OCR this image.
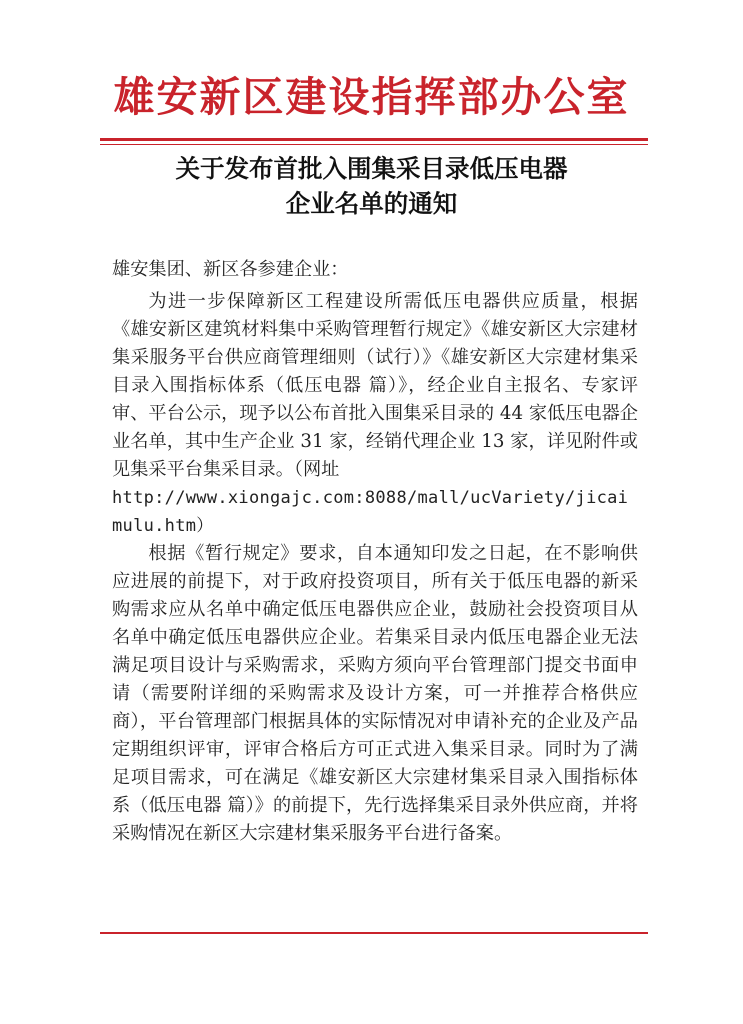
雄安新区建设指挥部办公室
关于发布首批入围集采目录低压电器
企业名单的通知

雄安集团、新区各参建企业：

为进一步保障新区工程建设所需低压电器供应质量，根据《雄安新区建筑材料集中采购管理暂行规定》《雄安新区大宗建材集采服务平台供应商管理细则（试行）》《雄安新区大宗建材集采目录入围指标体系（低压电器 篇）》，经企业自主报名、专家评审、平台公示，现予以公布首批入围集采目录的 44 家低压电器企业名单，其中生产企业 31 家，经销代理企业 13 家，详见附件或见集采平台集采目录。（网址

http://www.xiongajc.com:8088/mall/ucVariety/jicaimulu.htm）

根据《暂行规定》要求，自本通知印发之日起，在不影响供应进展的前提下，对于政府投资项目，所有关于低压电器的新采购需求应从名单中确定低压电器供应企业，鼓励社会投资项目从名单中确定低压电器供应企业。若集采目录内低压电器企业无法满足项目设计与采购需求，采购方须向平台管理部门提交书面申请（需要附详细的采购需求及设计方案，可一并推荐合格供应商），平台管理部门根据具体的实际情况对申请补充的企业及产品定期组织评审，评审合格后方可正式进入集采目录。同时为了满足项目需求，可在满足《雄安新区大宗建材集采目录入围指标体系（低压电器 篇）》的前提下，先行选择集采目录外供应商，并将采购情况在新区大宗建材集采服务平台进行备案。
